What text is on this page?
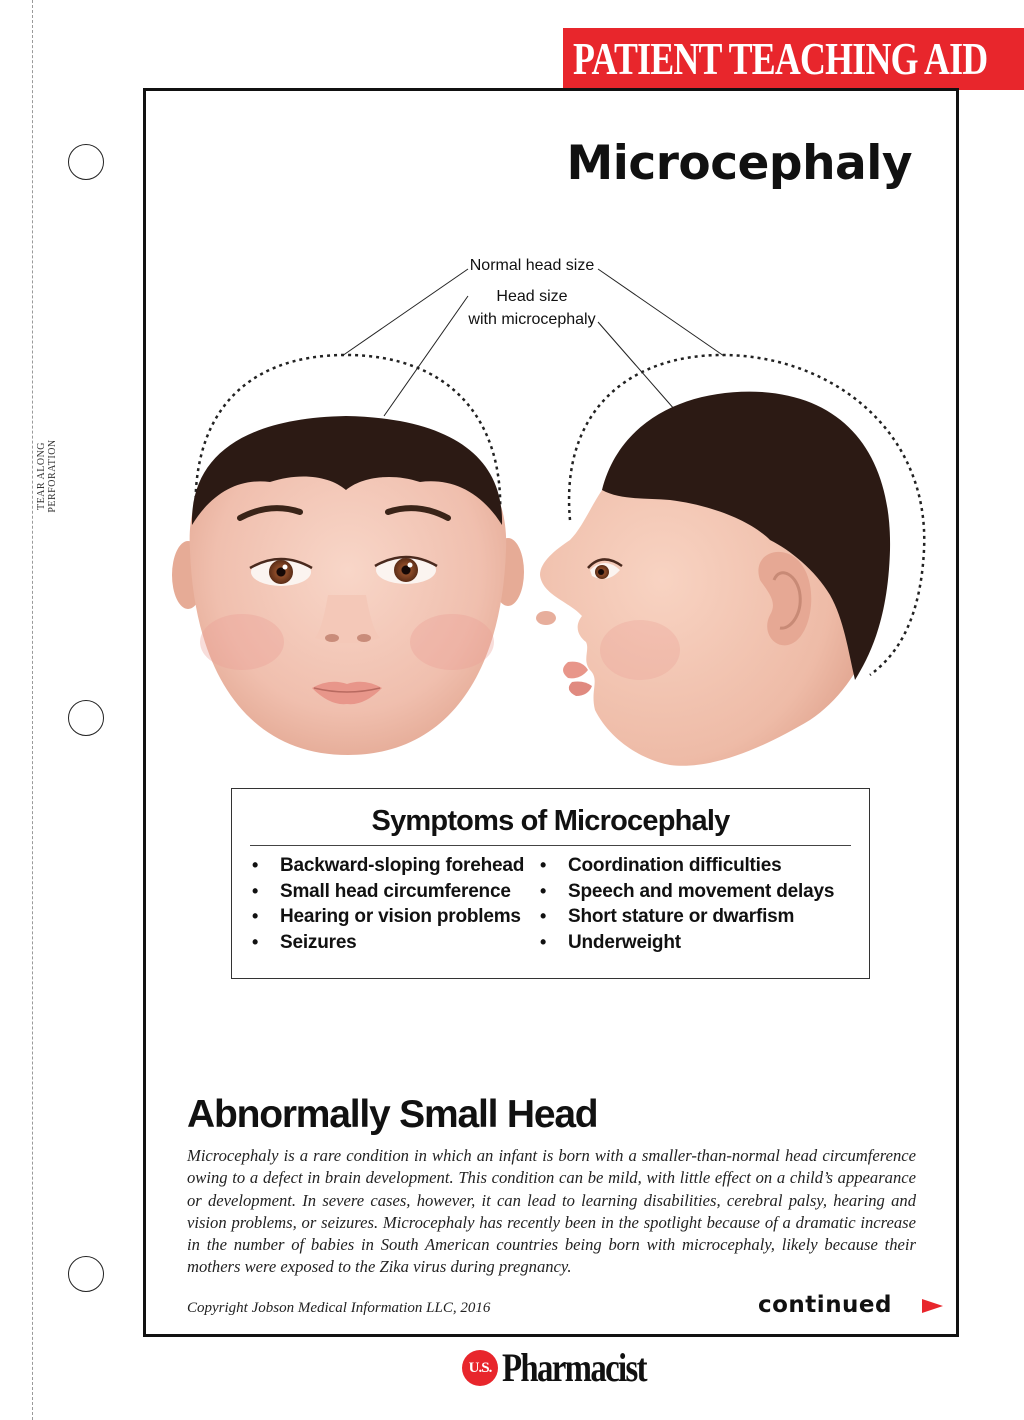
TEAR ALONG PERFORATION
PATIENT TEACHING AID
Microcephaly
Normal head size
Head size
with microcephaly
Symptoms of Microcephaly
• Backward-sloping forehead
• Small head circumference
• Hearing or vision problems
• Seizures
• Coordination difficulties
• Speech and movement delays
• Short stature or dwarfism
• Underweight
Abnormally Small Head
Microcephaly is a rare condition in which an infant is born with a smaller-than-normal head circumference owing to a defect in brain development. This condition can be mild, with little effect on a child’s appearance or development. In severe cases, however, it can lead to learning disabilities, cerebral palsy, hearing and vision problems, or seizures. Microcephaly has recently been in the spotlight because of a dramatic increase in the number of babies in South American countries being born with microcephaly, likely because their mothers were exposed to the Zika virus during pregnancy.
Copyright Jobson Medical Information LLC, 2016	continued
U.S. Pharmacist
